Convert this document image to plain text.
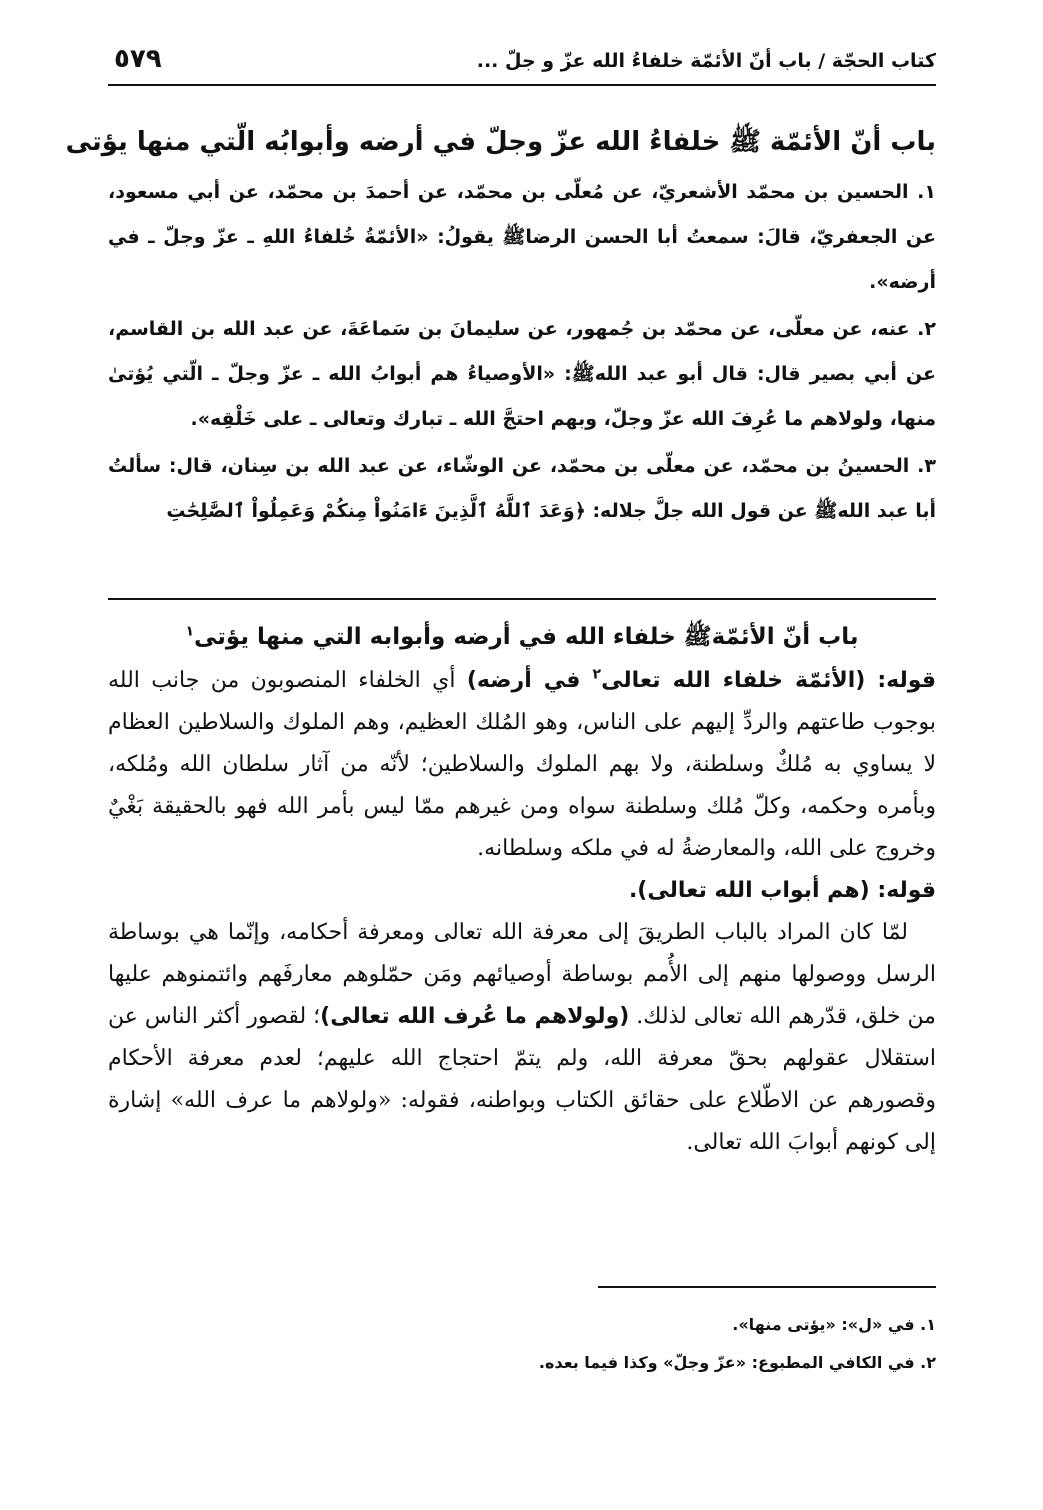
كتاب الحجّة / باب أنّ الأئمّة خلفاءُ الله عزّ و جلّ ...
٥٧٩
باب أنّ الأئمّة ﷺ خلفاءُ الله عزّ وجلّ في أرضه وأبوابُه الّتي منها يؤتى

١. الحسين بن محمّد الأشعريّ، عن مُعلّى بن محمّد، عن أحمدَ بن محمّد، عن أبي مسعود، عن الجعفريّ، قالَ: سمعتُ أبا الحسن الرضاﷺ يقولُ: «الأئمّةُ خُلفاءُ اللهِ ـ عزّ وجلّ ـ في أرضه».

٢. عنه، عن معلّى، عن محمّد بن جُمهور، عن سليمانَ بن سَماعَةَ، عن عبد الله بن القاسم، عن أبي بصير قال: قال أبو عبد اللهﷺ: «الأوصياءُ هم أبوابُ الله ـ عزّ وجلّ ـ الّتي يُؤتىٰ منها، ولولاهم ما عُرِفَ الله عزّ وجلّ، وبهم احتجَّ الله ـ تبارك وتعالى ـ على خَلْقِه».

٣. الحسينُ بن محمّد، عن معلّى بن محمّد، عن الوشّاء، عن عبد الله بن سِنان، قال: سألتُ أبا عبد اللهﷺ عن قول الله جلَّ جلاله: ﴿وَعَدَ ٱللَّهُ ٱلَّذِينَ ءَامَنُواْ مِنكُمْ وَعَمِلُواْ ٱلصَّٰلِحَٰتِ

باب أنّ الأئمّةﷺ خلفاء الله في أرضه وأبوابه التي منها يؤتى$^١$

قوله: (الأئمّة خلفاء الله تعالى$^٢$ في أرضه) أي الخلفاء المنصوبون من جانب الله بوجوب طاعتهم والردِّ إليهم على الناس، وهو المُلك العظيم، وهم الملوك والسلاطين العظام لا يساوي به مُلكٌ وسلطنة، ولا بهم الملوك والسلاطين؛ لأنّه من آثار سلطان الله ومُلكه، وبأمره وحكمه، وكلّ مُلك وسلطنة سواه ومن غيرهم ممّا ليس بأمر الله فهو بالحقيقة بَغْيٌ وخروج على الله، والمعارضةُ له في ملكه وسلطانه.

قوله: (هم أبواب الله تعالى).

لمّا كان المراد بالباب الطريقَ إلى معرفة الله تعالى ومعرفة أحكامه، وإنّما هي بوساطة الرسل ووصولها منهم إلى الأُمم بوساطة أوصيائهم ومَن حمّلوهم معارفَهم وائتمنوهم عليها من خلق، قدّرهم الله تعالى لذلك. (ولولاهم ما عُرف الله تعالى)؛ لقصور أكثر الناس عن استقلال عقولهم بحقّ معرفة الله، ولم يتمّ احتجاج الله عليهم؛ لعدم معرفة الأحكام وقصورهم عن الاطّلاع على حقائق الكتاب وبواطنه، فقوله: «ولولاهم ما عرف الله» إشارة إلى كونهم أبوابَ الله تعالى.

١. في «ل»: «يؤتى منها».

٢. في الكافي المطبوع: «عزّ وجلّ» وكذا فيما بعده.
